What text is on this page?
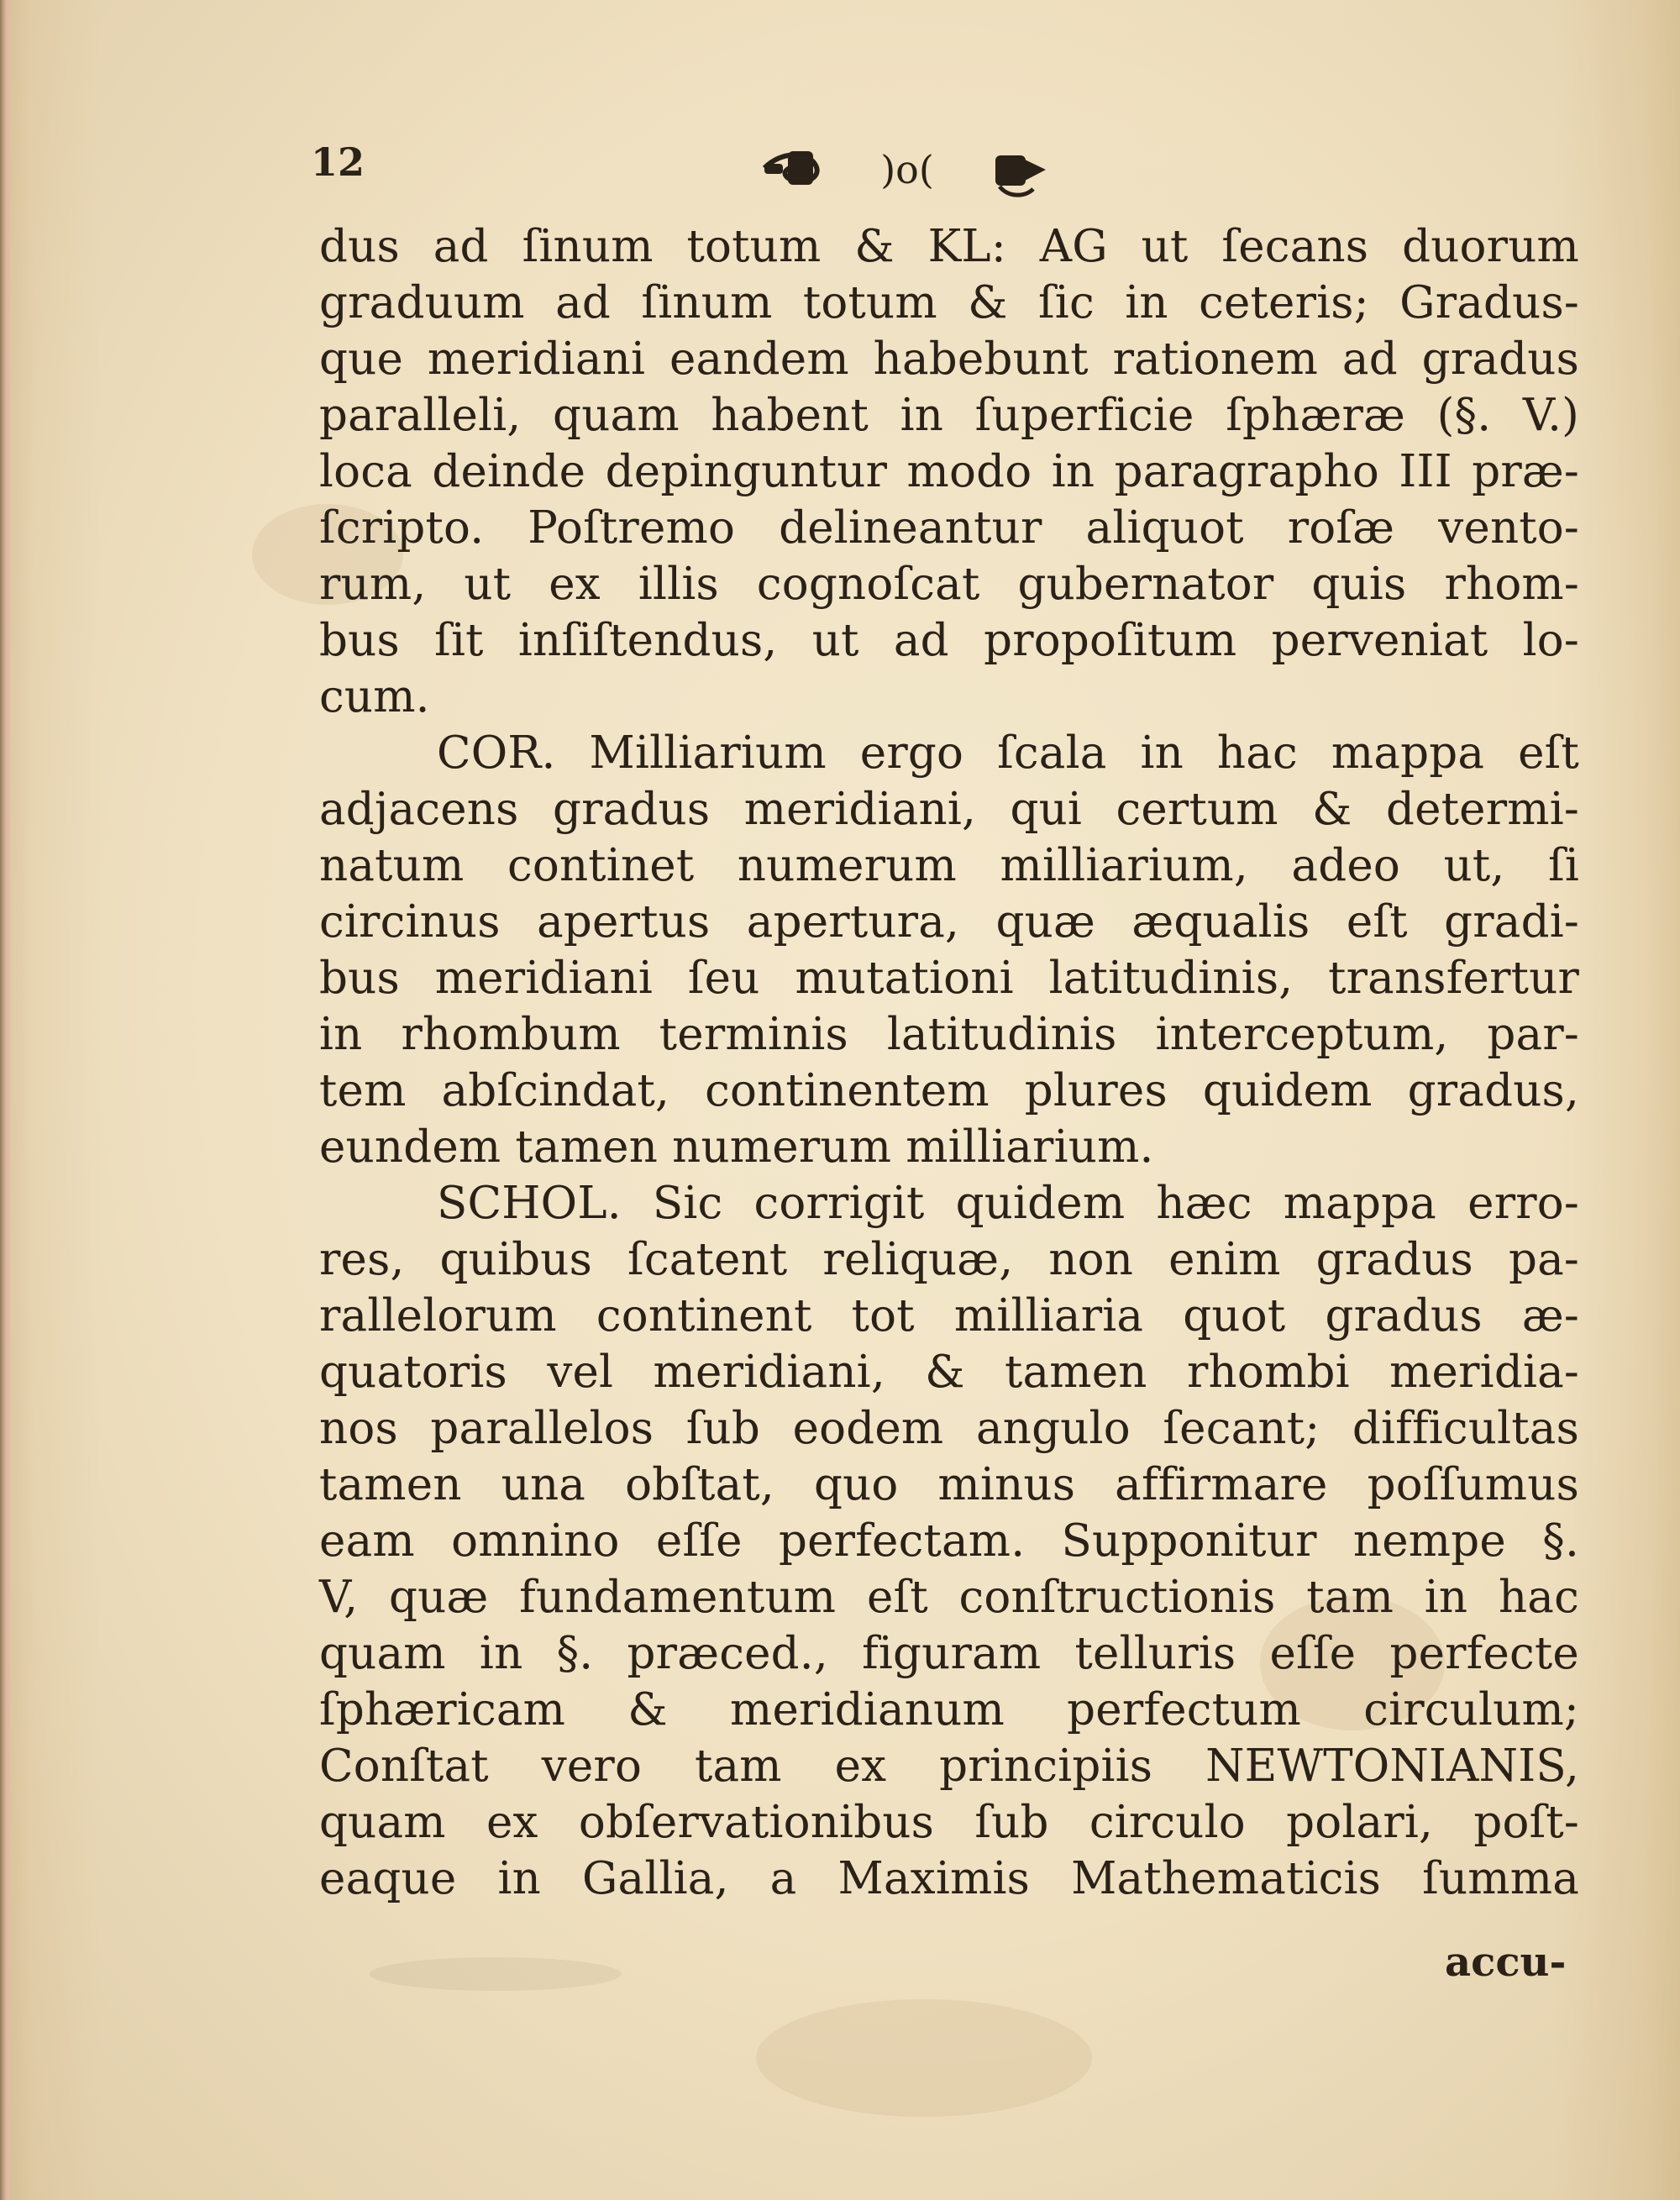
12	)o(
dus ad ſinum totum & KL: AG ut ſecans duorum
graduum ad ſinum totum & ſic in ceteris; Gradus-
que meridiani eandem habebunt rationem ad gradus
paralleli, quam habent in ſuperficie ſphæræ (§. V.)
loca deinde depinguntur modo in paragrapho III præ-
ſcripto. Poſtremo delineantur aliquot roſæ vento-
rum, ut ex illis cognoſcat gubernator quis rhom-
bus ſit inſiſtendus, ut ad propoſitum perveniat lo-
cum.
COR. Milliarium ergo ſcala in hac mappa eſt
adjacens gradus meridiani, qui certum & determi-
natum continet numerum milliarium, adeo ut, ſi
circinus apertus apertura, quæ æqualis eſt gradi-
bus meridiani ſeu mutationi latitudinis, transfertur
in rhombum terminis latitudinis interceptum, par-
tem abſcindat, continentem plures quidem gradus,
eundem tamen numerum milliarium.
SCHOL. Sic corrigit quidem hæc mappa erro-
res, quibus ſcatent reliquæ, non enim gradus pa-
rallelorum continent tot milliaria quot gradus æ-
quatoris vel meridiani, & tamen rhombi meridia-
nos parallelos ſub eodem angulo ſecant; difficultas
tamen una obſtat, quo minus affirmare poſſumus
eam omnino eſſe perfectam. Supponitur nempe §.
V, quæ fundamentum eſt conſtructionis tam in hac
quam in §. præced., figuram telluris eſſe perfecte
ſphæricam & meridianum perfectum circulum;
Conſtat vero tam ex principiis NEWTONIANIS,
quam ex obſervationibus ſub circulo polari, poſt-
eaque in Gallia, a Maximis Mathematicis ſumma
accu-
